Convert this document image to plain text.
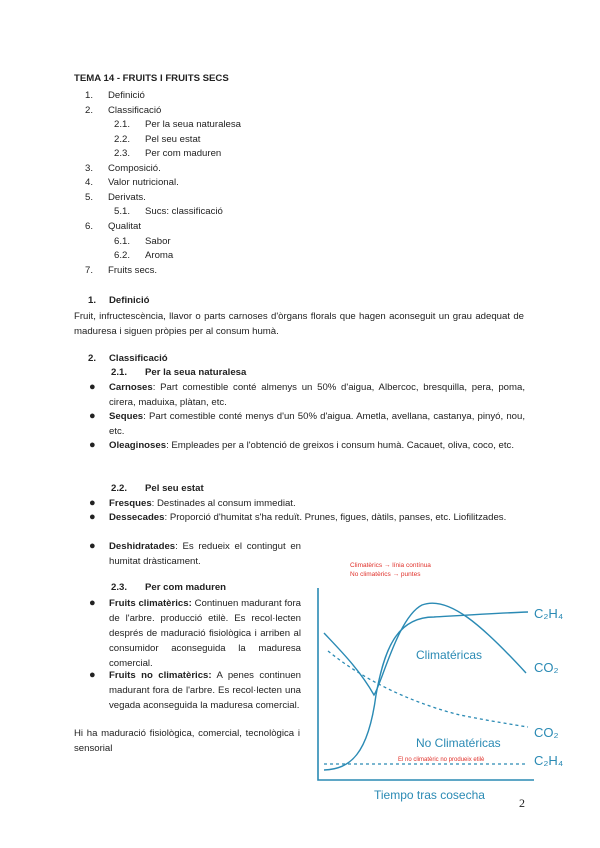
TEMA 14 - FRUITS I FRUITS SECS
1. Definició
2. Classificació
2.1. Per la seua naturalesa
2.2. Pel seu estat
2.3. Per com maduren
3. Composició.
4. Valor nutricional.
5. Derivats.
5.1. Sucs: classificació
6. Qualitat
6.1. Sabor
6.2. Aroma
7. Fruits secs.
1. Definició
Fruit, infructescència, llavor o parts carnoses d'òrgans florals que hagen aconseguit un grau adequat de maduresa i siguen pròpies per al consum humà.
2. Classificació
2.1. Per la seua naturalesa
● Carnoses: Part comestible conté almenys un 50% d'aigua, Albercoc, bresquilla, pera, poma, cirera, maduixa, plàtan, etc.
● Seques: Part comestible conté menys d'un 50% d'aigua. Ametla, avellana, castanya, pinyó, nou, etc.
● Oleaginoses: Empleades per a l'obtenció de greixos i consum humà. Cacauet, oliva, coco, etc.
2.2. Pel seu estat
● Fresques: Destinades al consum immediat.
● Dessecades: Proporció d'humitat s'ha reduït. Prunes, figues, dàtils, panses, etc. Liofilitzades.
● Deshidratades: Es redueix el contingut en humitat dràsticament.
2.3. Per com maduren
● Fruits climatèrics: Continuen madurant fora de l'arbre. producció etilè. Es recol·lecten després de maduració fisiològica i arriben al consumidor aconseguida la maduresa comercial.
● Fruits no climatèrics: A penes continuen madurant fora de l'arbre. Es recol·lecten una vegada aconseguida la maduresa comercial.
Hi ha maduració fisiològica, comercial, tecnològica i sensorial
Climatèrics → línia contínua
No climatèrics → puntes
C₂H₄
Climatéricas
CO₂
CO₂
No Climatéricas
El no climatèric no produeix etilè	C₂H₄
Tiempo tras cosecha
2
